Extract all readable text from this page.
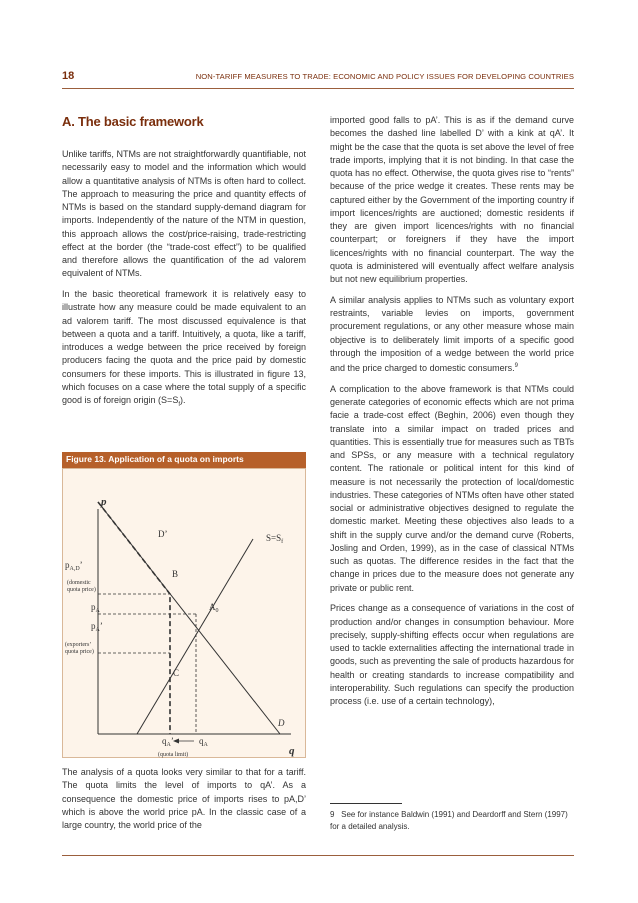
18	NON-TARIFF MEASURES TO TRADE: ECONOMIC AND POLICY ISSUES FOR DEVELOPING COUNTRIES
A. The basic framework

Unlike tariffs, NTMs are not straightforwardly quantifiable, not necessarily easy to model and the information which would allow a quantitative analysis of NTMs is often hard to collect. The approach to measuring the price and quantity effects of NTMs is based on the standard supply-demand diagram for imports. Independently of the nature of the NTM in question, this approach allows the cost/price-raising, trade-restricting effect at the border (the “trade-cost effect”) to be qualified and therefore allows the quantification of the ad valorem equivalent of NTMs.

In the basic theoretical framework it is relatively easy to illustrate how any measure could be made equivalent to an ad valorem tariff. The most discussed equivalence is that between a quota and a tariff. Intuitively, a quota, like a tariff, introduces a wedge between the price received by foreign producers facing the quota and the price paid by domestic consumers for these imports. This is illustrated in figure 13, which focuses on a case where the total supply of a specific good is of foreign origin $(S=S_f)$.

Figure 13. Application of a quota on imports
p
q
D’	$S=S_f$
$p_{A,D}$’
(domestic
quota price)
$p_A$
$p_A$’
(exporters’
quota price)
B
$A_0$
C
D
$q_A$’	$q_A$
(quota limit)

The analysis of a quota looks very similar to that for a tariff. The quota limits the level of imports to qA’. As a consequence the domestic price of imports rises to pA,D’ which is above the world price pA. In the classic case of a large country, the world price of the

imported good falls to pA’. This is as if the demand curve becomes the dashed line labelled D’ with a kink at qA’. It might be the case that the quota is set above the level of free trade imports, implying that it is not binding. In that case the quota has no effect. Otherwise, the quota gives rise to “rents” because of the price wedge it creates. These rents may be captured either by the Government of the importing country if import licences/rights are auctioned; domestic residents if they are given import licences/rights with no financial counterpart; or foreigners if they have the import licences/rights with no financial counterpart. The way the quota is administered will eventually affect welfare analysis but not new equilibrium properties.

A similar analysis applies to NTMs such as voluntary export restraints, variable levies on imports, government procurement regulations, or any other measure whose main objective is to deliberately limit imports of a specific good through the imposition of a wedge between the world price and the price charged to domestic consumers.$^9$

A complication to the above framework is that NTMs could generate categories of economic effects which are not prima facie a trade-cost effect (Beghin, 2006) even though they translate into a similar impact on traded prices and quantities. This is essentially true for measures such as TBTs and SPSs, or any measure with a technical regulatory content. The rationale or political intent for this kind of measure is not necessarily the protection of local/domestic industries. These categories of NTMs often have other stated social or administrative objectives designed to regulate the domestic market. Meeting these objectives also leads to a shift in the supply curve and/or the demand curve (Roberts, Josling and Orden, 1999), as in the case of classical NTMs such as quotas. The difference resides in the fact that the change in prices due to the measure does not generate any private or public rent.

Prices change as a consequence of variations in the cost of production and/or changes in consumption behaviour. More precisely, supply-shifting effects occur when regulations are used to tackle externalities affecting the international trade in goods, such as preventing the sale of products hazardous for health or creating standards to increase compatibility and interoperability. Such regulations can specify the production process (i.e. use of a certain technology),

9 See for instance Baldwin (1991) and Deardorff and Stern (1997) for a detailed analysis.
